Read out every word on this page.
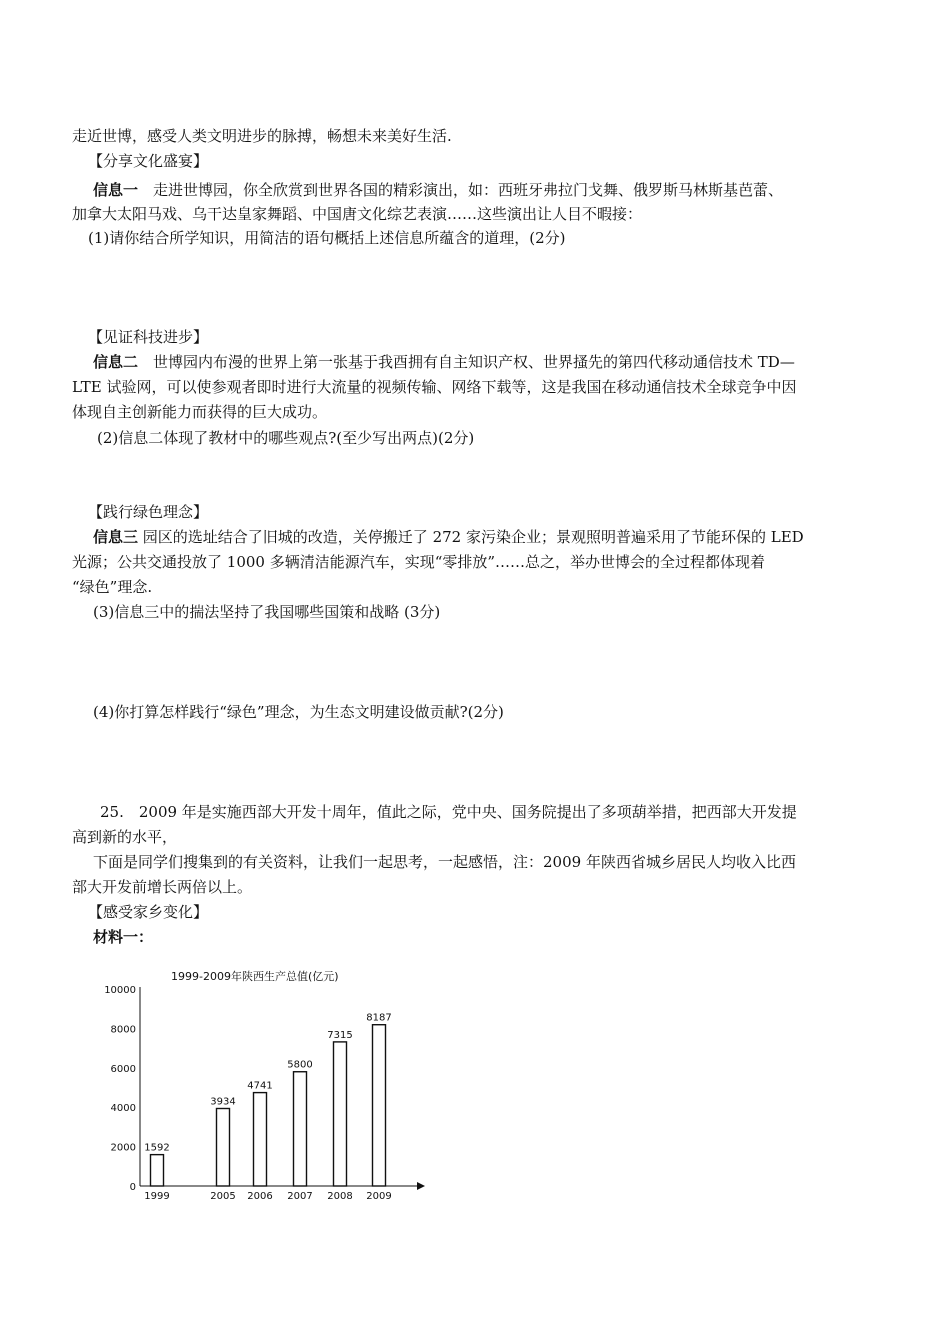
走近世博，感受人类文明进步的脉搏，畅想未来美好生活.
【分享文化盛宴】
信息一　 走进世博园，你全欣赏到世界各国的精彩演出，如：西班牙弗拉门戈舞、俄罗斯马林斯基芭蕾、
加拿大太阳马戏、乌干达皇家舞蹈、中国唐文化综艺表演……这些演出让人目不暇接：
(1)请你结合所学知识，用简洁的语句概括上述信息所蕴含的道理，(2分)
【见证科技进步】
信息二　 世博园内布漫的世界上第一张基于我酉拥有自主知识产权、世界搔先的第四代移动通信技术 TD—
LTE 试验网，可以使参观者即时进行大流量的视频传输、网络下载等，这是我国在移动通信技术全球竞争中因
体现自主创新能力而获得的巨大成功。
(2)信息二体现了教材中的哪些观点?(至少写出两点)(2分)
【践行绿色理念】
信息三 园区的选址结合了旧城的改造，关停搬迁了 272 家污染企业；景观照明普遍采用了节能环保的 LED
光源；公共交通投放了 1000 多辆清洁能源汽车，实现“零排放”……总之，举办世博会的全过程都体现着
“绿色”理念.
(3)信息三中的揣法坚持了我国哪些国策和战略 (3分)
(4)你打算怎样践行“绿色”理念，为生态文明建设做贡献?(2分)
25.　2009 年是实施西部大开发十周年，值此之际，党中央、国务院提出了多项葫举措，把西部大开发提
高到新的水平，
下面是同学们搜集到的有关资料，让我们一起思考，一起感悟，注：2009 年陕西省城乡居民人均收入比西
部大开发前增长两倍以上。
【感受家乡变化】
材料一：
1999-2009年陕西生产总值(亿元)
0
2000
4000
6000
8000
10000
1592
1999
3934
2005
4741
2006
5800
2007
7315
2008
8187
2009
